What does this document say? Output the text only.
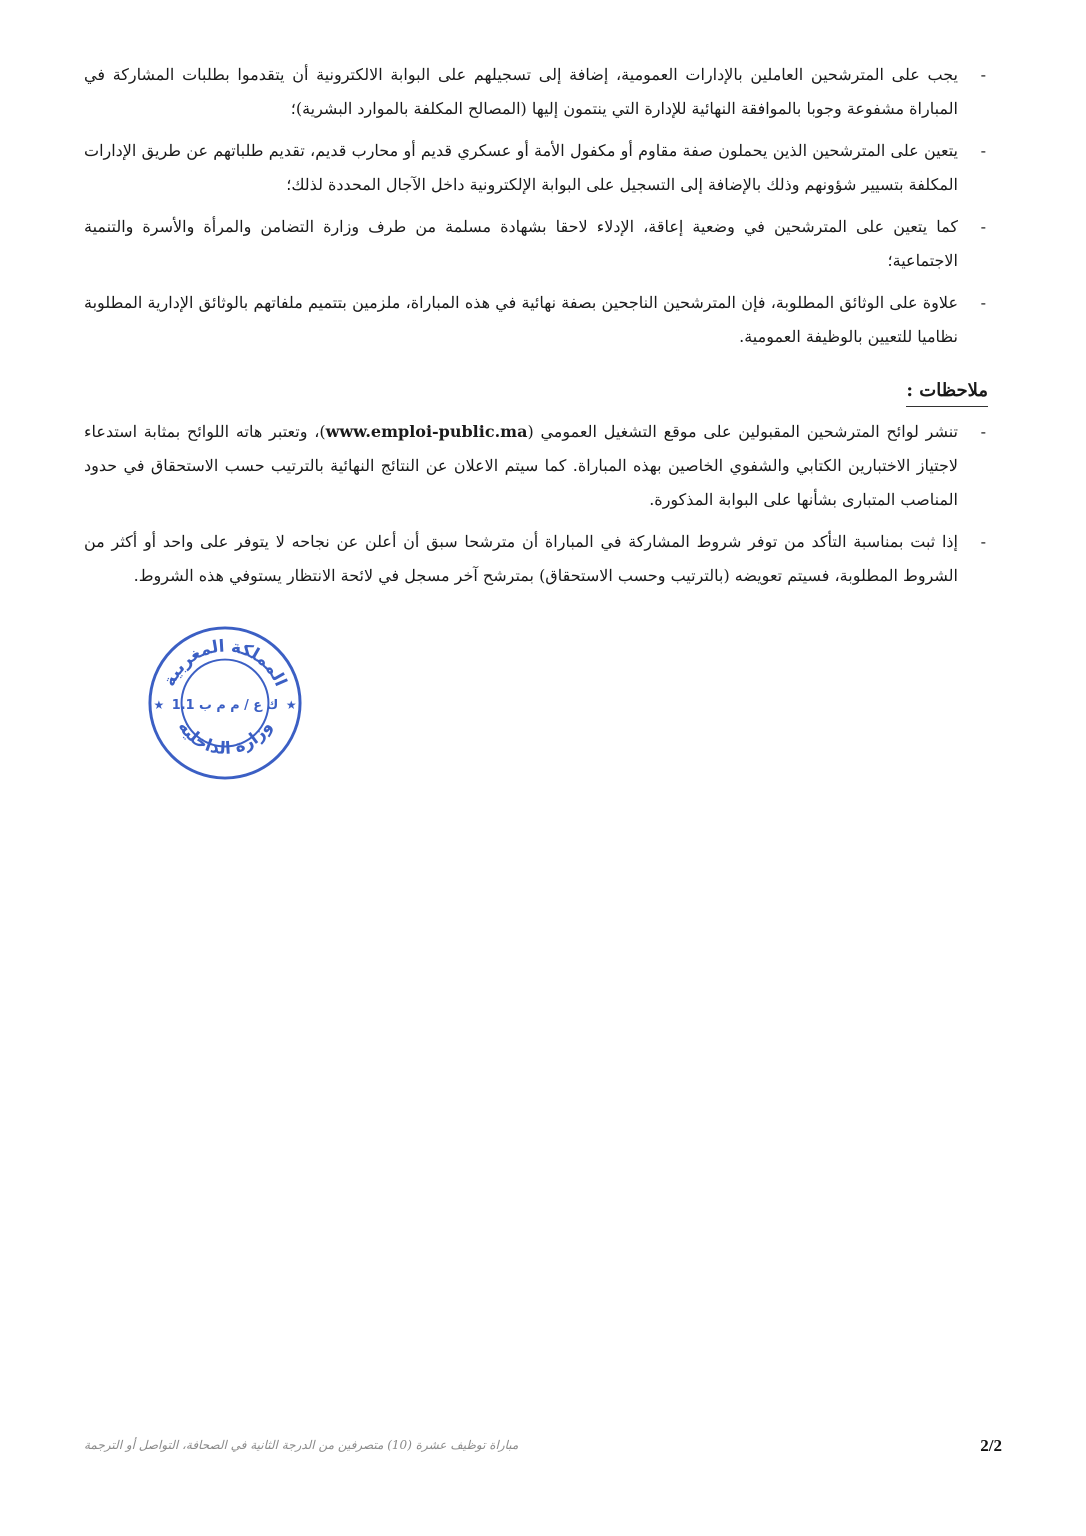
-
يجب على المترشحين العاملين بالإدارات العمومية، إضافة إلى تسجيلهم على البوابة الالكترونية أن يتقدموا بطلبات المشاركة في المباراة مشفوعة وجوبا بالموافقة النهائية للإدارة التي ينتمون إليها (المصالح المكلفة بالموارد البشرية)؛
-
يتعين على المترشحين الذين يحملون صفة مقاوم أو مكفول الأمة أو عسكري قديم أو محارب قديم، تقديم طلباتهم عن طريق الإدارات المكلفة بتسيير شؤونهم وذلك بالإضافة إلى التسجيل على البوابة الإلكترونية داخل الآجال المحددة لذلك؛
-
كما يتعين على المترشحين في وضعية إعاقة، الإدلاء لاحقا بشهادة مسلمة من طرف وزارة التضامن والمرأة والأسرة والتنمية الاجتماعية؛
-
علاوة على الوثائق المطلوبة، فإن المترشحين الناجحين بصفة نهائية في هذه المباراة، ملزمين بتتميم ملفاتهم بالوثائق الإدارية المطلوبة نظاميا للتعيين بالوظيفة العمومية.
ملاحظات :
-
تنشر لوائح المترشحين المقبولين على موقع التشغيل العمومي (www.emploi-public.ma)، وتعتبر هاته اللوائح بمثابة استدعاء لاجتياز الاختبارين الكتابي والشفوي الخاصين بهذه المباراة. كما سيتم الاعلان عن النتائج النهائية بالترتيب حسب الاستحقاق في حدود المناصب المتبارى بشأنها على البوابة المذكورة.
-
إذا ثبت بمناسبة التأكد من توفر شروط المشاركة في المباراة أن مترشحا سبق أن أعلن عن نجاحه لا يتوفر على واحد أو أكثر من الشروط المطلوبة، فسيتم تعويضه (بالترتيب وحسب الاستحقاق) بمترشح آخر مسجل في لائحة الانتظار يستوفي هذه الشروط.
المملكة المغربية
وزارة الداخلية
ك ع / م م ب 1.1
★	★
مباراة توظيف عشرة (10) متصرفين من الدرجة الثانية في الصحافة، التواصل أو الترجمة	2/2
